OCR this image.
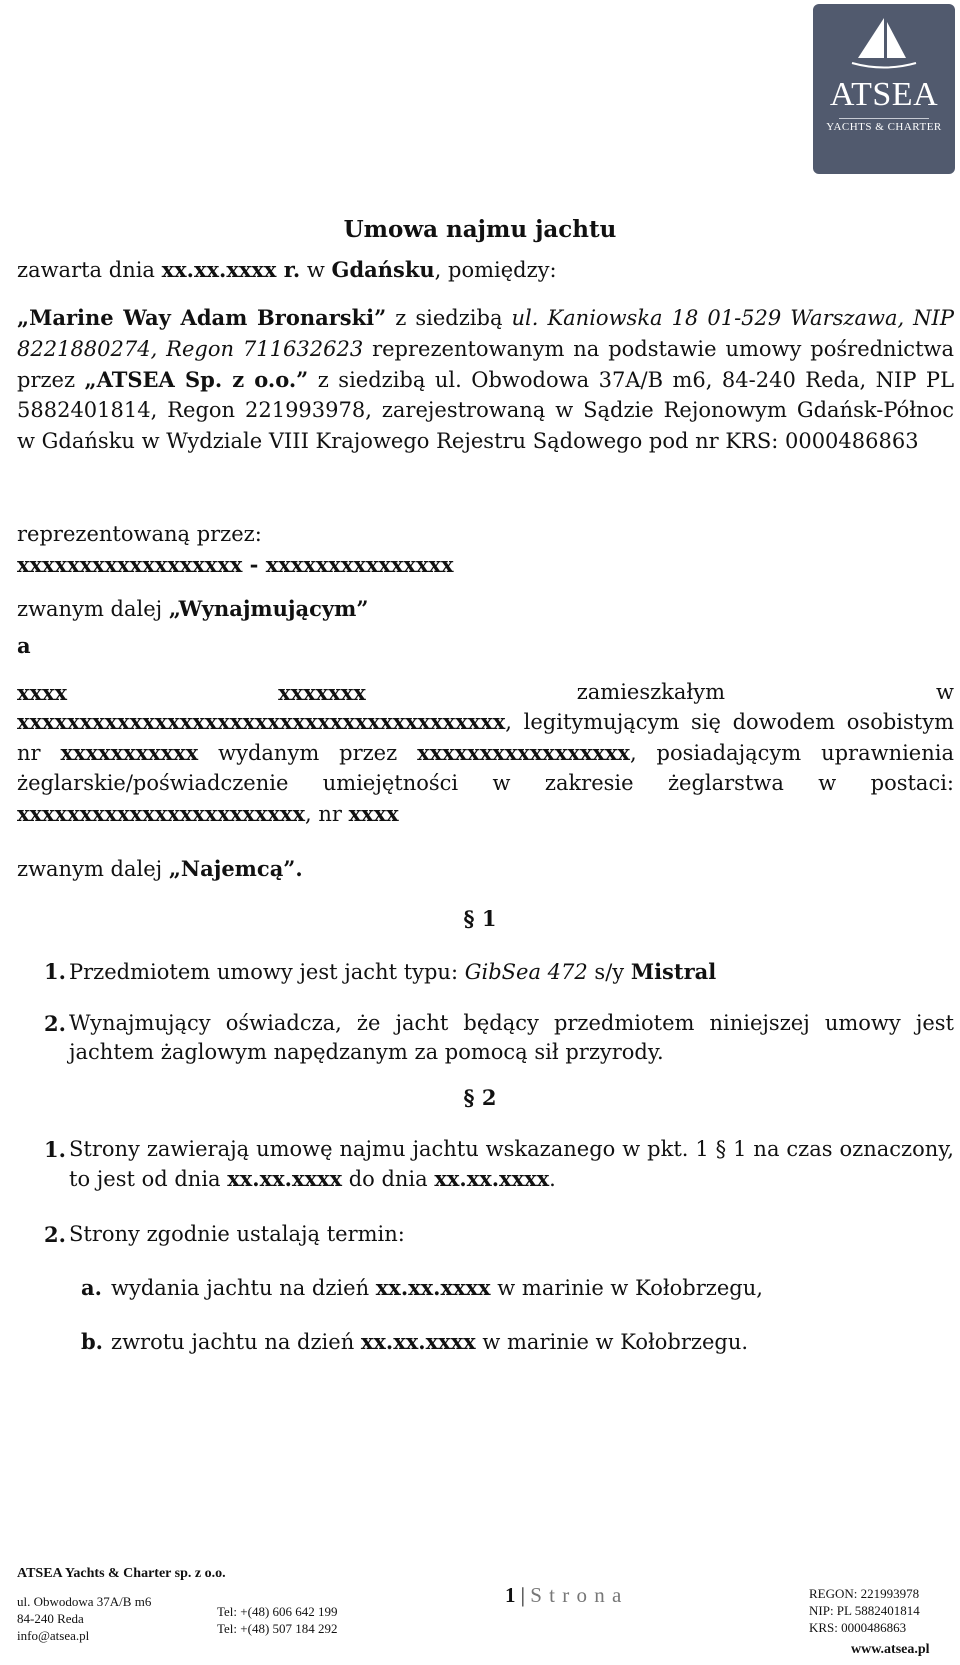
ATSEA
YACHTS & CHARTER
Umowa najmu jachtu
zawarta dnia xx.xx.xxxx r. w Gdańsku, pomiędzy:
„Marine Way Adam Bronarski” z siedzibą ul. Kaniowska 18 01-529 Warszawa, NIP 8221880274, Regon 711632623 reprezentowanym na podstawie umowy pośrednictwa przez „ATSEA Sp. z o.o.” z siedzibą ul. Obwodowa 37A/B m6, 84-240 Reda, NIP PL 5882401814, Regon 221993978, zarejestrowaną w Sądzie Rejonowym Gdańsk-Północ w Gdańsku w Wydziale VIII Krajowego Rejestru Sądowego pod nr KRS: 0000486863
reprezentowaną przez:
xxxxxxxxxxxxxxxxxx - xxxxxxxxxxxxxxx
zwanym dalej „Wynajmującym”
a
xxxx	xxxxxxx	zamieszkałym	w
xxxxxxxxxxxxxxxxxxxxxxxxxxxxxxxxxxxxxxx, legitymującym się dowodem osobistym nr xxxxxxxxxxx wydanym przez xxxxxxxxxxxxxxxxx, posiadającym uprawnienia żeglarskie/poświadczenie umiejętności w zakresie żeglarstwa w postaci: xxxxxxxxxxxxxxxxxxxxxxx, nr xxxx
zwanym dalej „Najemcą”.
§ 1
1. Przedmiotem umowy jest jacht typu: GibSea 472 s/y Mistral
2. Wynajmujący oświadcza, że jacht będący przedmiotem niniejszej umowy jest jachtem żaglowym napędzanym za pomocą sił przyrody.
§ 2
1. Strony zawierają umowę najmu jachtu wskazanego w pkt. 1 § 1 na czas oznaczony, to jest od dnia xx.xx.xxxx do dnia xx.xx.xxxx.
2. Strony zgodnie ustalają termin:
a. wydania jachtu na dzień xx.xx.xxxx w marinie w Kołobrzegu,
b. zwrotu jachtu na dzień xx.xx.xxxx w marinie w Kołobrzegu.
ATSEA Yachts & Charter sp. z o.o.
ul. Obwodowa 37A/B m6
84-240 Reda
info@atsea.pl
Tel: +(48) 606 642 199
Tel: +(48) 507 184 292
1 | S t r o n a	REGON: 221993978
NIP: PL 5882401814
KRS: 0000486863
www.atsea.pl
